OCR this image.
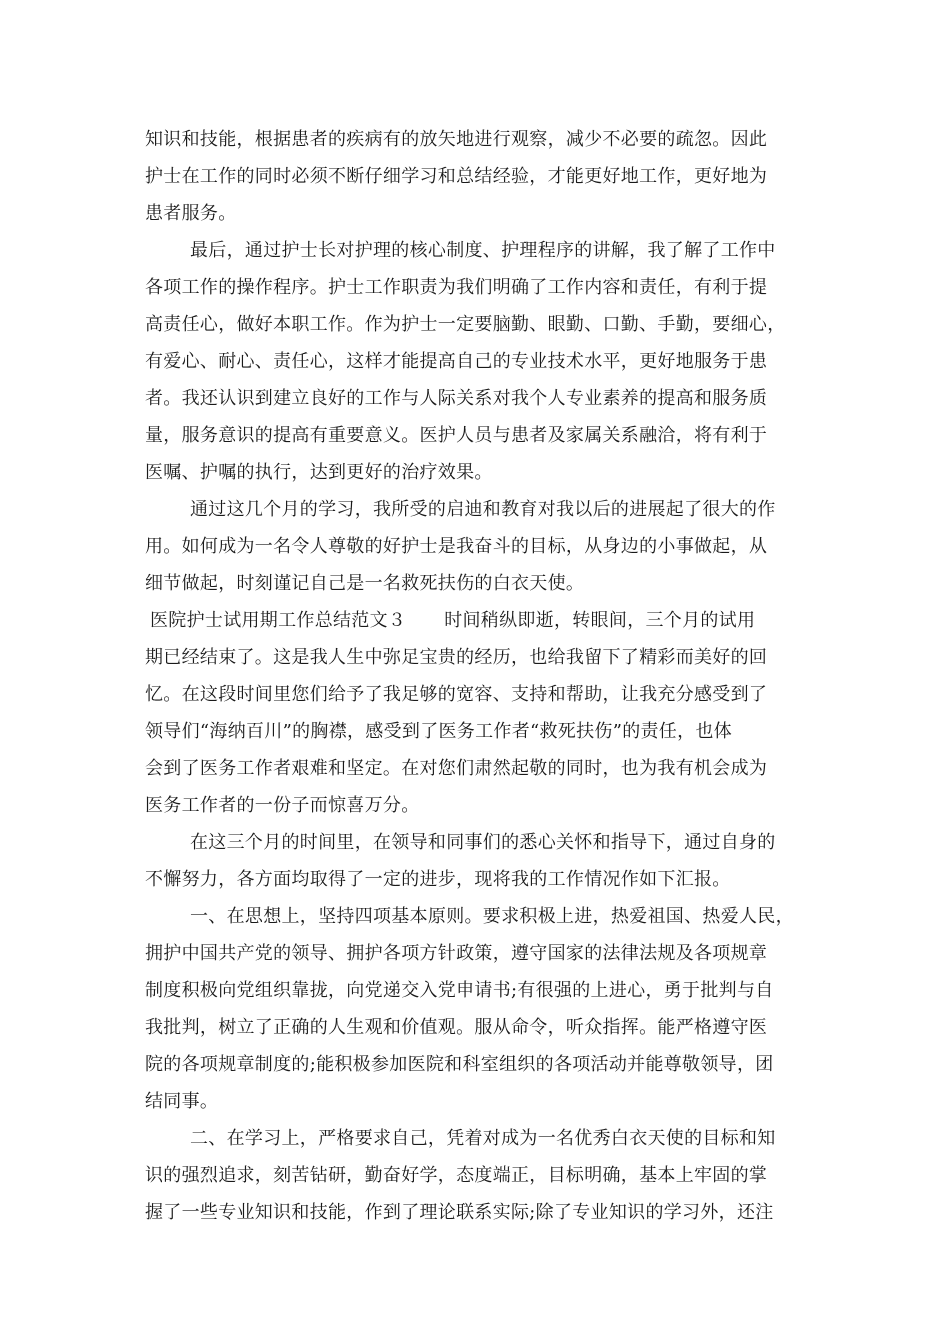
知识和技能，根据患者的疾病有的放矢地进行观察，减少不必要的疏忽。因此
护士在工作的同时必须不断仔细学习和总结经验，才能更好地工作，更好地为
患者服务。
最后，通过护士长对护理的核心制度、护理程序的讲解，我了解了工作中
各项工作的操作程序。护士工作职责为我们明确了工作内容和责任，有利于提
高责任心，做好本职工作。作为护士一定要脑勤、眼勤、口勤、手勤，要细心，
有爱心、耐心、责任心，这样才能提高自己的专业技术水平，更好地服务于患
者。我还认识到建立良好的工作与人际关系对我个人专业素养的提高和服务质
量，服务意识的提高有重要意义。医护人员与患者及家属关系融洽，将有利于
医嘱、护嘱的执行，达到更好的治疗效果。
通过这几个月的学习，我所受的启迪和教育对我以后的进展起了很大的作
用。如何成为一名令人尊敬的好护士是我奋斗的目标，从身边的小事做起，从
细节做起，时刻谨记自己是一名救死扶伤的白衣天使。
医院护士试用期工作总结范文３ 时间稍纵即逝，转眼间，三个月的试用
期已经结束了。这是我人生中弥足宝贵的经历，也给我留下了精彩而美好的回
忆。在这段时间里您们给予了我足够的宽容、支持和帮助，让我充分感受到了
领导们“海纳百川”的胸襟，感受到了医务工作者“救死扶伤”的责任，也体
会到了医务工作者艰难和坚定。在对您们肃然起敬的同时，也为我有机会成为
医务工作者的一份子而惊喜万分。
在这三个月的时间里，在领导和同事们的悉心关怀和指导下，通过自身的
不懈努力，各方面均取得了一定的进步，现将我的工作情况作如下汇报。
一、在思想上，坚持四项基本原则。要求积极上进，热爱祖国、热爱人民，
拥护中国共产党的领导、拥护各项方针政策，遵守国家的法律法规及各项规章
制度积极向党组织靠拢，向党递交入党申请书;有很强的上进心，勇于批判与自
我批判，树立了正确的人生观和价值观。服从命令，听众指挥。能严格遵守医
院的各项规章制度的;能积极参加医院和科室组织的各项活动并能尊敬领导，团
结同事。
二、在学习上，严格要求自己，凭着对成为一名优秀白衣天使的目标和知
识的强烈追求，刻苦钻研，勤奋好学，态度端正，目标明确，基本上牢固的掌
握了一些专业知识和技能，作到了理论联系实际;除了专业知识的学习外，还注
